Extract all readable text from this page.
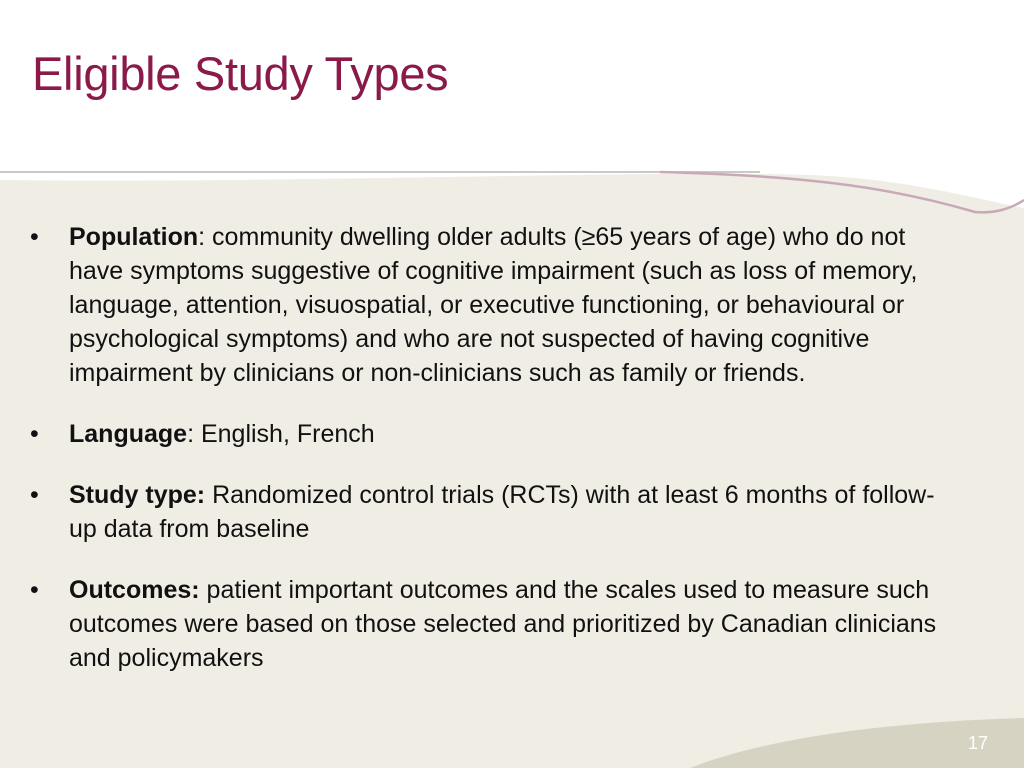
Eligible Study Types
•	Population: community dwelling older adults (≥65 years of age) who do not have symptoms suggestive of cognitive impairment (such as loss of memory, language, attention, visuospatial, or executive functioning, or behavioural or psychological symptoms) and who are not suspected of having cognitive impairment by clinicians or non-clinicians such as family or friends.
•	Language: English, French
•	Study type: Randomized control trials (RCTs) with at least 6 months of follow-up data from baseline
•	Outcomes: patient important outcomes and the scales used to measure such outcomes were based on those selected and prioritized by Canadian clinicians and policymakers
17
